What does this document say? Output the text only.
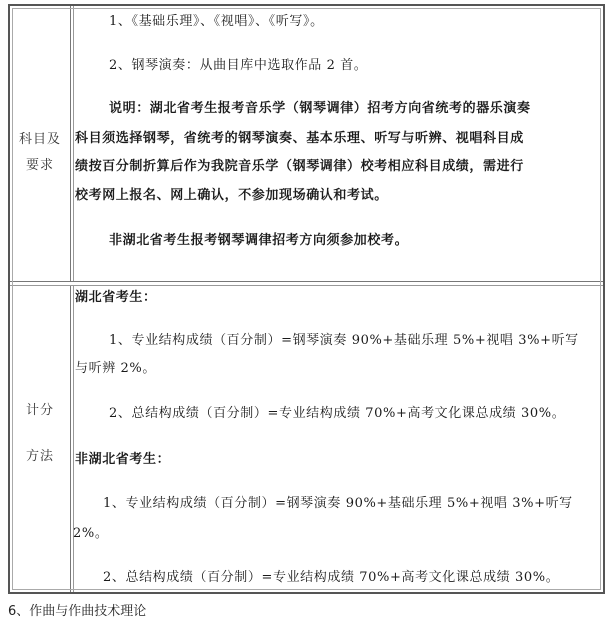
科目及
要求
1、《基础乐理》、《视唱》、《听写》。
2、钢琴演奏：从曲目库中选取作品 2 首。
说明：湖北省考生报考音乐学（钢琴调律）招考方向省统考的器乐演奏
科目须选择钢琴，省统考的钢琴演奏、基本乐理、听写与听辨、视唱科目成
绩按百分制折算后作为我院音乐学（钢琴调律）校考相应科目成绩，需进行
校考网上报名、网上确认，不参加现场确认和考试。
非湖北省考生报考钢琴调律招考方向须参加校考。
计分
方法
湖北省考生：
1、专业结构成绩（百分制）=钢琴演奏 90%+基础乐理 5%+视唱 3%+听写
与听辨 2%。
2、总结构成绩（百分制）=专业结构成绩 70%+高考文化课总成绩 30%。
非湖北省考生：
1、专业结构成绩（百分制）=钢琴演奏 90%+基础乐理 5%+视唱 3%+听写
2%。
2、总结构成绩（百分制）=专业结构成绩 70%+高考文化课总成绩 30%。
6、作曲与作曲技术理论
